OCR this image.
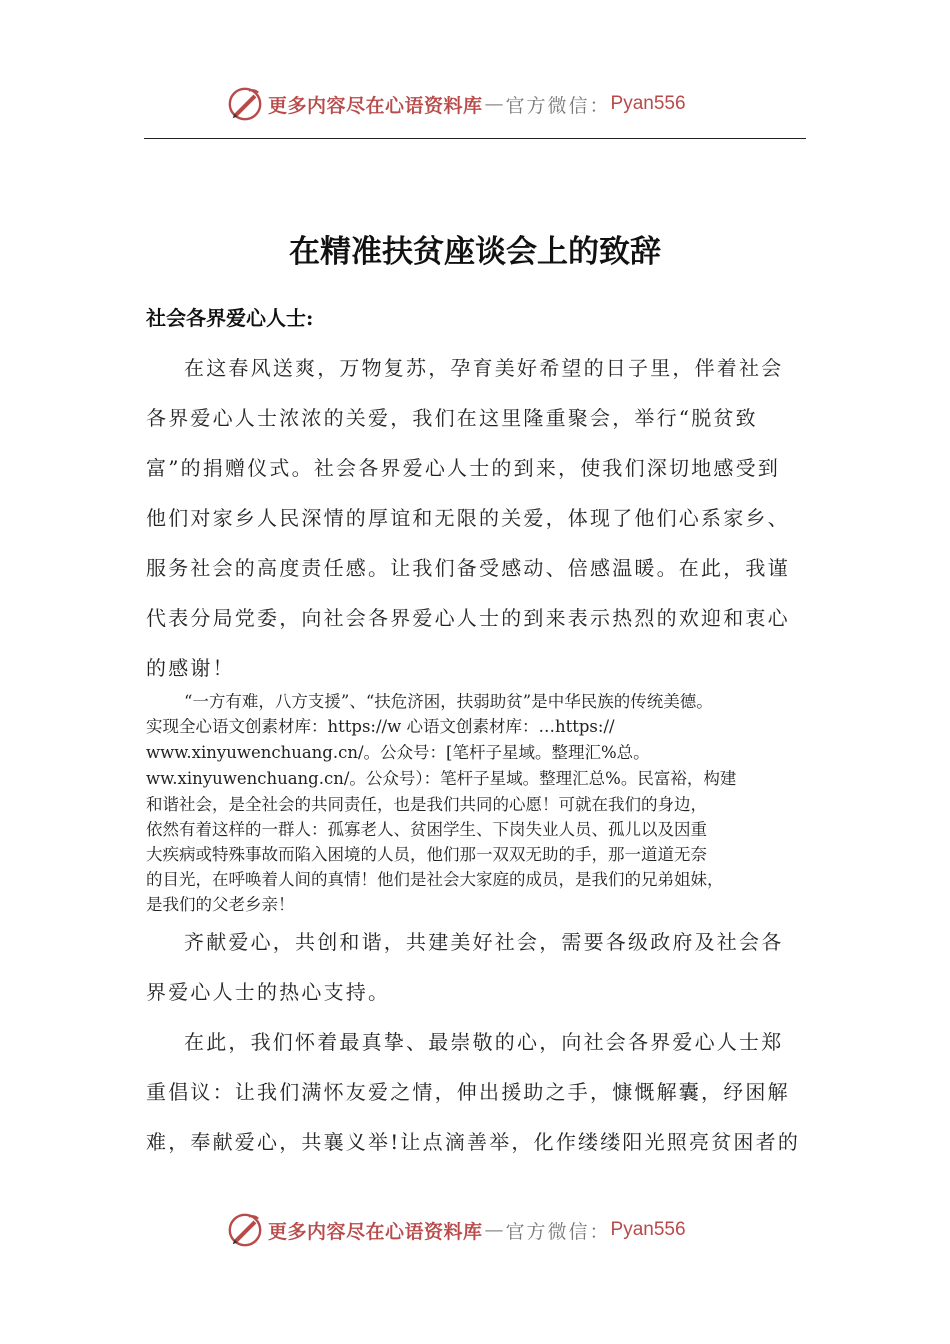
更多内容尽在心语资料库 — 官方微信： Pyan556
在精准扶贫座谈会上的致辞
社会各界爱心人士:
在这春风送爽，万物复苏，孕育美好希望的日子里，伴着社会
各界爱心人士浓浓的关爱，我们在这里隆重聚会，举行“脱贫致
富”的捐赠仪式。社会各界爱心人士的到来，使我们深切地感受到
他们对家乡人民深情的厚谊和无限的关爱，体现了他们心系家乡、
服务社会的高度责任感。让我们备受感动、倍感温暖。在此，我谨
代表分局党委，向社会各界爱心人士的到来表示热烈的欢迎和衷心
的感谢！
“一方有难，八方支援”、“扶危济困，扶弱助贫”是中华民族的传统美德。
实现全心语文创素材库：https://w 心语文创素材库：…https://
www.xinyuwenchuang.cn/。公众号：[笔杆子星域。整理汇%总。
ww.xinyuwenchuang.cn/。公众号）：笔杆子星域。整理汇总%。民富裕，构建
和谐社会，是全社会的共同责任，也是我们共同的心愿！可就在我们的身边，
依然有着这样的一群人：孤寡老人、贫困学生、下岗失业人员、孤儿以及因重
大疾病或特殊事故而陷入困境的人员，他们那一双双无助的手，那一道道无奈
的目光，在呼唤着人间的真情！他们是社会大家庭的成员，是我们的兄弟姐妹，
是我们的父老乡亲！
齐献爱心，共创和谐，共建美好社会，需要各级政府及社会各
界爱心人士的热心支持。
在此，我们怀着最真挚、最崇敬的心，向社会各界爱心人士郑
重倡议：让我们满怀友爱之情，伸出援助之手，慷慨解囊，纾困解
难，奉献爱心，共襄义举!让点滴善举，化作缕缕阳光照亮贫困者的
更多内容尽在心语资料库 — 官方微信： Pyan556
